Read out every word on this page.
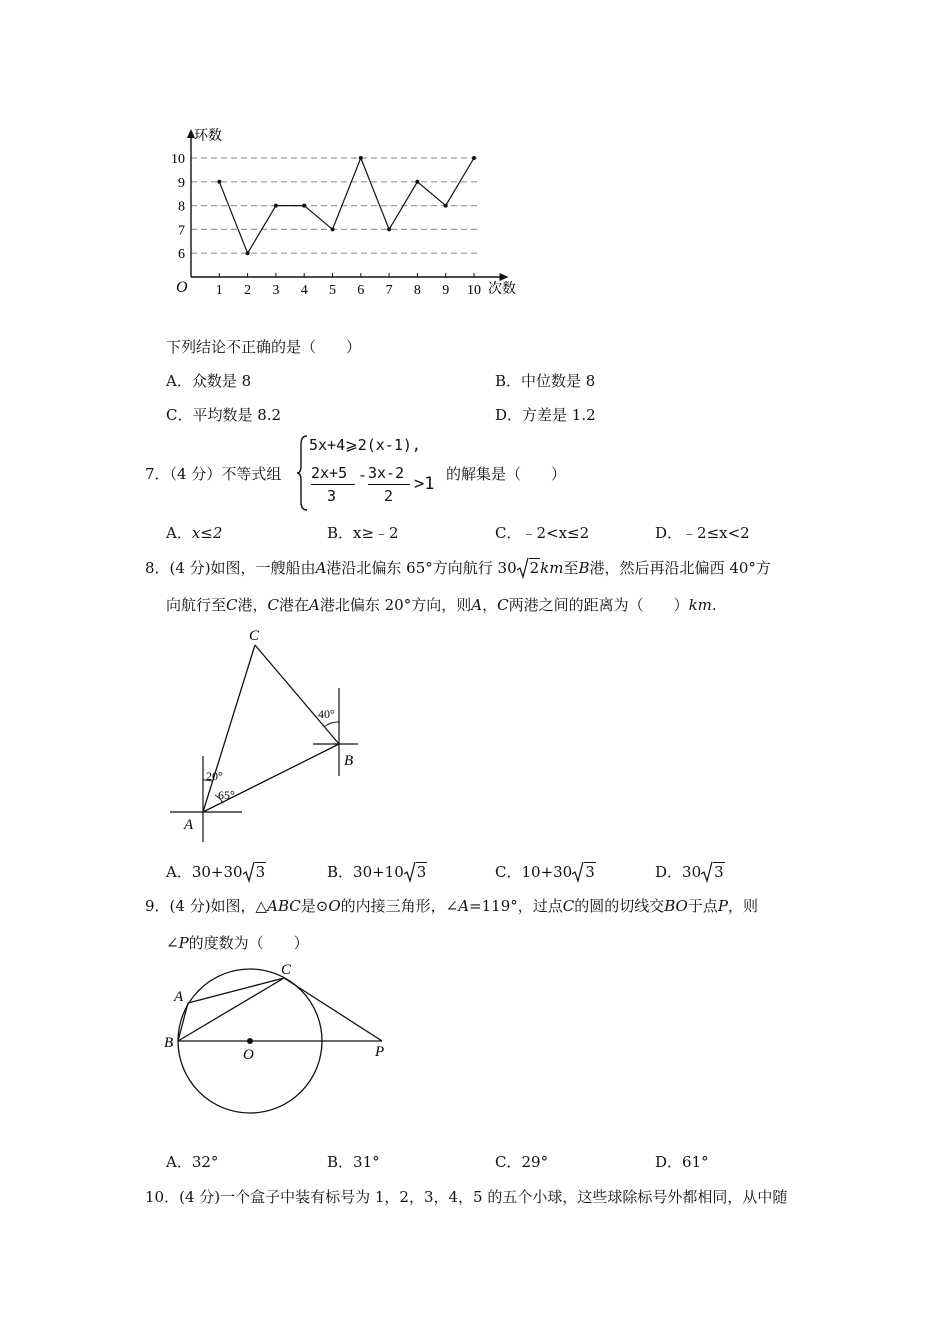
6
7
8
9
10
1 2 3 4 5 6 7 8 9 10
环数
次数
O
下列结论不正确的是（　　）
A．众数是 8	B．中位数是 8
C．平均数是 8.2	D．方差是 1.2
7．（4 分）不等式组
5x+4⩾2(x-1),
2x+5
3
- 3x-2
2
>1 的解集是（　　）
A．x≤2	B．x≥﹣2	C．﹣2<x≤2	D．﹣2≤x<2
8．(4 分)如图，一艘船由A港沿北偏东 65°方向航行 30 2km至B港，然后再沿北偏西 40°方
向航行至C港，C港在A港北偏东 20°方向，则A，C两港之间的距离为（　　）km.
C
B
A
40°
20°
65°
A．30+30 3	B．30+10 3	C．10+30 3	D．30 3
9．(4 分)如图，△ABC是⊙O的内接三角形，∠A=119°，过点C的圆的切线交BO于点P，则
∠P的度数为（　　）
A
B
C
O	P
A．32°	B．31°	C．29°	D．61°
10．(4 分)一个盒子中装有标号为 1，2，3，4，5 的五个小球，这些球除标号外都相同，从中随
